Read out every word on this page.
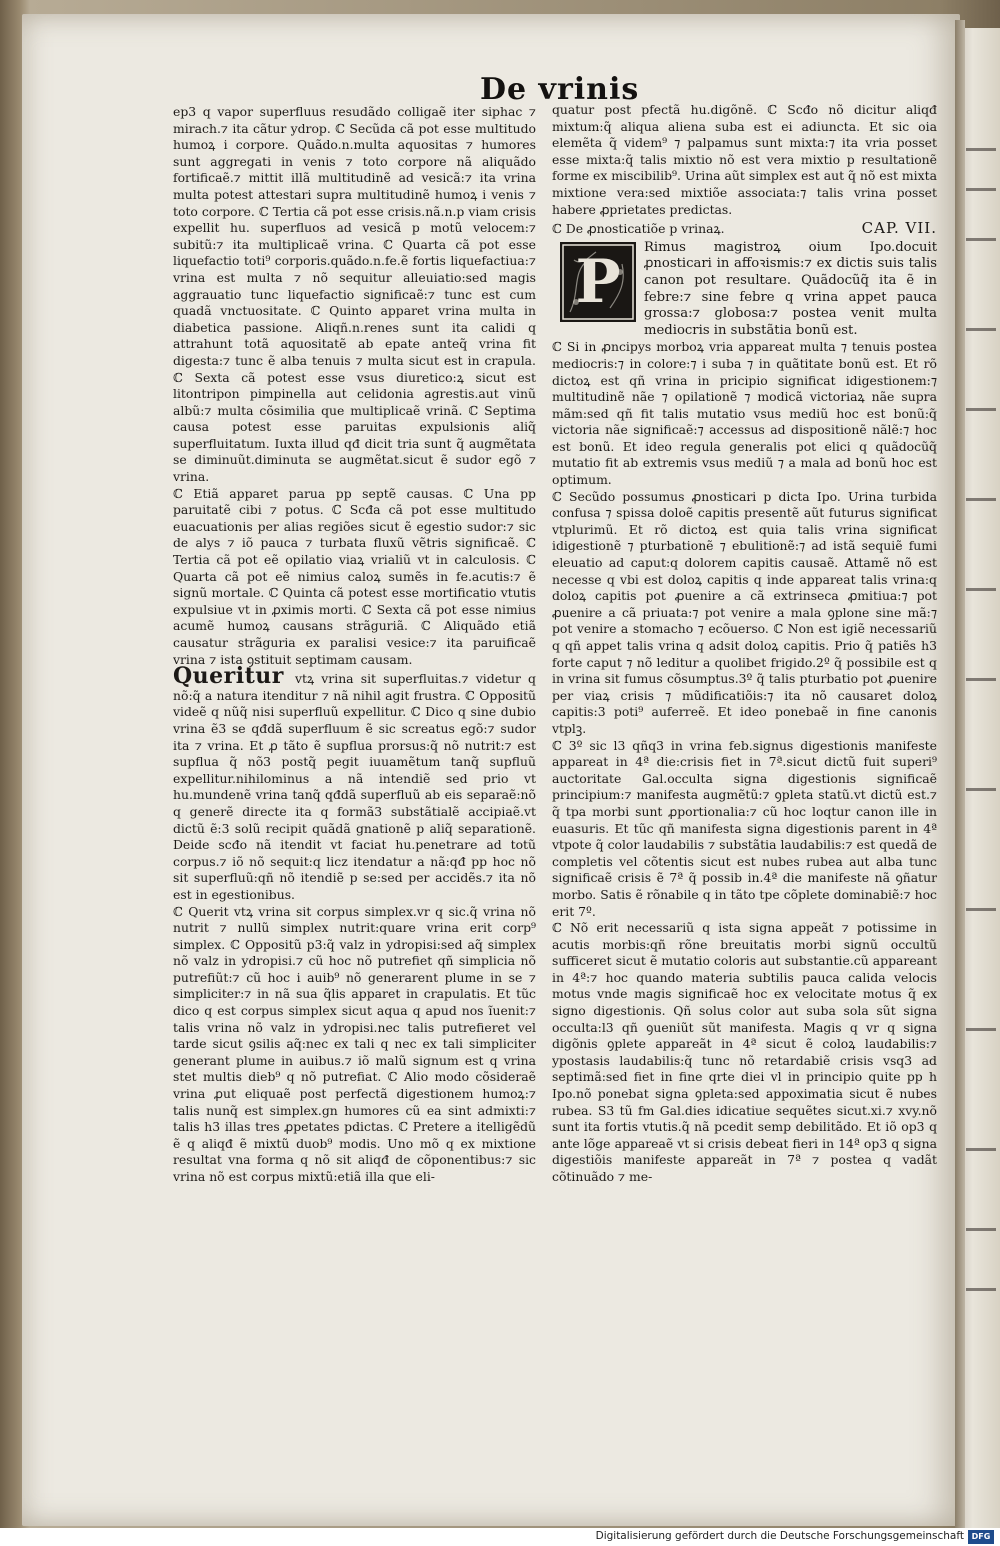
De vrinis

ep3 q vapor superfluus resudãdo colligaẽ iter siphac ⁊ mirach.⁊ ita cãtur ydrop. ℂ Secũda cã pot esse multitudo humoꝝ i corpore. Quãdo.n.multa aquositas ⁊ humores sunt aggregati in venis ⁊ toto corpore nã aliquãdo fortificaẽ.⁊ mittit illã multitudinẽ ad vesicã:⁊ ita vrina multa potest attestari supra multitudinẽ humoꝝ i venis ⁊ toto corpore. ℂ Tertia cã pot esse crisis.nã.n.p viam crisis expellit hu. superfluos ad vesicã p motũ velocem:⁊ subitũ:⁊ ita multiplicaẽ vrina. ℂ Quarta cã pot esse liquefactio toti⁹ corporis.quãdo.n.fe.ẽ fortis liquefactiua:⁊ vrina est multa ⁊ nõ sequitur alleuiatio:sed magis aggrauatio tunc liquefactio significaẽ:⁊ tunc est cum quadã vnctuositate. ℂ Quinto apparet vrina multa in diabetica passione. Aliqñ.n.renes sunt ita calidi q attrahunt totã aquositatẽ ab epate anteq̃ vrina fit digesta:⁊ tunc ẽ alba tenuis ⁊ multa sicut est in crapula. ℂ Sexta cã potest esse vsus diuretico:ꝝ sicut est litontripon pimpinella aut celidonia agrestis.aut vinũ albũ:⁊ multa cõsimilia que multiplicaẽ vrinã. ℂ Septima causa potest esse paruitas expulsionis aliq̃ superfluitatum. Iuxta illud qđ dicit tria sunt q̃ augmẽtata se diminuũt.diminuta se augmẽtat.sicut ẽ sudor egõ ⁊ vrina.

ℂ Etiã apparet parua pp septẽ causas. ℂ Una pp paruitatẽ cibi ⁊ potus. ℂ Scđa cã pot esse multitudo euacuationis per alias regiões sicut ẽ egestio sudor:⁊ sic de alys ⁊ iõ pauca ⁊ turbata fluxũ vẽtris significaẽ. ℂ Tertia cã pot eẽ opilatio viaꝝ vrialiũ vt in calculosis. ℂ Quarta cã pot eẽ nimius caloꝝ sumẽs in fe.acutis:⁊ ẽ signũ mortale. ℂ Quinta cã potest esse mortificatio vtutis expulsiue vt in ꝓximis morti. ℂ Sexta cã pot esse nimius acumẽ humoꝝ causans strãguriã. ℂ Aliquãdo etiã causatur strãguria ex paralisi vesice:⁊ ita paruificaẽ vrina ⁊ ista ꝯstituit septimam causam.

Queritur vtꝝ vrina sit superfluitas.⁊ videtur q nõ:q̃ a natura itenditur ⁊ nã nihil agit frustra. ℂ Oppositũ videẽ q nũq̃ nisi superfluũ expellitur. ℂ Dico q sine dubio vrina ẽ3 se qđdã superfluum ẽ sic screatus egõ:⁊ sudor ita ⁊ vrina. Et ꝓ tãto ẽ supflua prorsus:q̃ nõ nutrit:⁊ est supflua q̃ nõ3 postq̃ pegit iuuamẽtum tanq̃ supfluũ expellitur.nihilominus a nã intendiẽ sed prio vt hu.mundenẽ vrina tanq̃ qđdã superfluũ ab eis separaẽ:nõ q generẽ directe ita q formã3 substãtialẽ accipiaẽ.vt dictũ ẽ:3 solũ recipit quãdã gnationẽ p aliq̃ separationẽ. Deide scđo nã itendit vt faciat hu.penetrare ad totũ corpus.⁊ iõ nõ sequit:q licz itendatur a nã:qđ pp hoc nõ sit superfluũ:qñ nõ itendiẽ p se:sed per accidẽs.⁊ ita nõ est in egestionibus.

ℂ Querit vtꝝ vrina sit corpus simplex.vr q sic.q̃ vrina nõ nutrit ⁊ nullũ simplex nutrit:quare vrina erit corp⁹ simplex. ℂ Oppositũ p3:q̃ valz in ydropisi:sed aq̃ simplex nõ valz in ydropisi.⁊ cũ hoc nõ putrefiet qñ simplicia nõ putrefiũt:⁊ cũ hoc i auib⁹ nõ generarent plume in se ⁊ simpliciter:⁊ in nã sua q̃lis apparet in crapulatis. Et tũc dico q est corpus simplex sicut aqua q apud nos ĩuenit:⁊ talis vrina nõ valz in ydropisi.nec talis putrefieret vel tarde sicut ꝯsilis aq̃:nec ex tali q nec ex tali simpliciter generant plume in auibus.⁊ iõ malũ signum est q vrina stet multis dieb⁹ q nõ putrefiat. ℂ Alio modo cõsideraẽ vrina ꝓut eliquaẽ post perfectã digestionem humoꝝ:⁊ talis nunq̃ est simplex.gn humores cũ ea sint admixti:⁊ talis h3 illas tres ꝓpetates pdictas. ℂ Pretere a itelligẽdũ ẽ q aliqđ ẽ mixtũ duob⁹ modis. Uno mõ q ex mixtione resultat vna forma q nõ sit aliqđ de cõponentibus:⁊ sic vrina nõ est corpus mixtũ:etiã illa que eli-

quatur post pfectã hu.digõnẽ. ℂ Scđo nõ dicitur aliqđ mixtum:q̃ aliqua aliena suba est ei adiuncta. Et sic oia elemẽta q̃ videm⁹ ⁊ palpamus sunt mixta:⁊ ita vria posset esse mixta:q̃ talis mixtio nõ est vera mixtio p resultationẽ forme ex miscibilib⁹. Urina aũt simplex est aut q̃ nõ est mixta mixtione vera:sed mixtiõe associata:⁊ talis vrina posset habere ꝓprietates predictas.

ℂ De ꝓnosticatiõe p vrinaꝝ.	CAP. VII.
P	Rimus magistroꝝ oium Ipo.docuit ꝓnosticari in affoꝛismis:⁊ ex dictis suis talis canon pot resultare. Quãdocũq̃ ita ẽ in febre:⁊ sine febre q vrina appet pauca grossa:⁊ globosa:⁊ postea venit multa mediocris in substãtia bonũ est.

ℂ Si in ꝓncipys morboꝝ vria appareat multa ⁊ tenuis postea mediocris:⁊ in colore:⁊ i suba ⁊ in quãtitate bonũ est. Et rõ dictoꝝ est qñ vrina in pricipio significat idigestionem:⁊ multitudinẽ nãe ⁊ opilationẽ ⁊ modicã victoriaꝝ nãe supra mãm:sed qñ fit talis mutatio vsus mediũ hoc est bonũ:q̃ victoria nãe significaẽ:⁊ accessus ad dispositionẽ nãlẽ:⁊ hoc est bonũ. Et ideo regula generalis pot elici q quãdocũq̃ mutatio fit ab extremis vsus mediũ ⁊ a mala ad bonũ hoc est optimum.

ℂ Secũdo possumus ꝓnosticari p dicta Ipo. Urina turbida confusa ⁊ spissa doloẽ capitis presentẽ aũt futurus significat vtplurimũ. Et rõ dictoꝝ est quia talis vrina significat idigestionẽ ⁊ pturbationẽ ⁊ ebulitionẽ:⁊ ad istã sequiẽ fumi eleuatio ad caput:q dolorem capitis causaẽ. Attamẽ nõ est necesse q vbi est doloꝝ capitis q inde appareat talis vrina:q doloꝝ capitis pot ꝓuenire a cã extrinseca ꝓmitiua:⁊ pot ꝓuenire a cã priuata:⁊ pot venire a mala ꝯplone sine mã:⁊ pot venire a stomacho ⁊ ecõuerso. ℂ Non est igiẽ necessariũ q qñ appet talis vrina q adsit doloꝝ capitis. Prio q̃ patiẽs h3 forte caput ⁊ nõ leditur a quolibet frigido.2º q̃ possibile est q in vrina sit fumus cõsumptus.3º q̃ talis pturbatio pot ꝓuenire per viaꝝ crisis ⁊ mũdificatiõis:⁊ ita nõ causaret doloꝝ capitis:3 poti⁹ auferreẽ. Et ideo ponebaẽ in fine canonis vtplꝫ.

ℂ 3º sic l3 qñq3 in vrina feb.signus digestionis manifeste appareat in 4ª die:crisis fiet in 7ª.sicut dictũ fuit superi⁹ auctoritate Gal.occulta signa digestionis significaẽ principium:⁊ manifesta augmẽtũ:⁊ ꝯpleta statũ.vt dictũ est.⁊ q̃ tpa morbi sunt ꝓportionalia:⁊ cũ hoc loqtur canon ille in euasuris. Et tũc qñ manifesta signa digestionis parent in 4ª vtpote q̃ color laudabilis ⁊ substãtia laudabilis:⁊ est quedã de completis vel cõtentis sicut est nubes rubea aut alba tunc significaẽ crisis ẽ 7ª q̃ possib in.4ª die manifeste nã ꝯñatur morbo. Satis ẽ rõnabile q in tãto tpe cõplete dominabiẽ:⁊ hoc erit 7º.

ℂ Nõ erit necessariũ q ista signa appeãt ⁊ potissime in acutis morbis:qñ rõne breuitatis morbi signũ occultũ sufficeret sicut ẽ mutatio coloris aut substantie.cũ appareant in 4ª:⁊ hoc quando materia subtilis pauca calida velocis motus vnde magis significaẽ hoc ex velocitate motus q̃ ex signo digestionis. Qñ solus color aut suba sola sũt signa occulta:l3 qñ ꝯueniũt sũt manifesta. Magis q vr q signa digõnis ꝯplete appareãt in 4ª sicut ẽ coloꝝ laudabilis:⁊ ypostasis laudabilis:q̃ tunc nõ retardabiẽ crisis vsq3 ad septimã:sed fiet in fine qrte diei vl in principio quite pp h Ipo.nõ ponebat signa ꝯpleta:sed appoximatia sicut ẽ nubes rubea. S3 tũ fm Gal.dies idicatiue sequẽtes sicut.xi.⁊ xvy.nõ sunt ita fortis vtutis.q̃ nã pcedit semp debilitãdo. Et iõ op3 q ante lõge appareaẽ vt si crisis debeat fieri in 14ª op3 q signa digestiõis manifeste appareãt in 7ª ⁊ postea q vadãt cõtinuãdo ⁊ me-

Digitalisierung gefördert durch die Deutsche Forschungsgemeinschaft DFG
